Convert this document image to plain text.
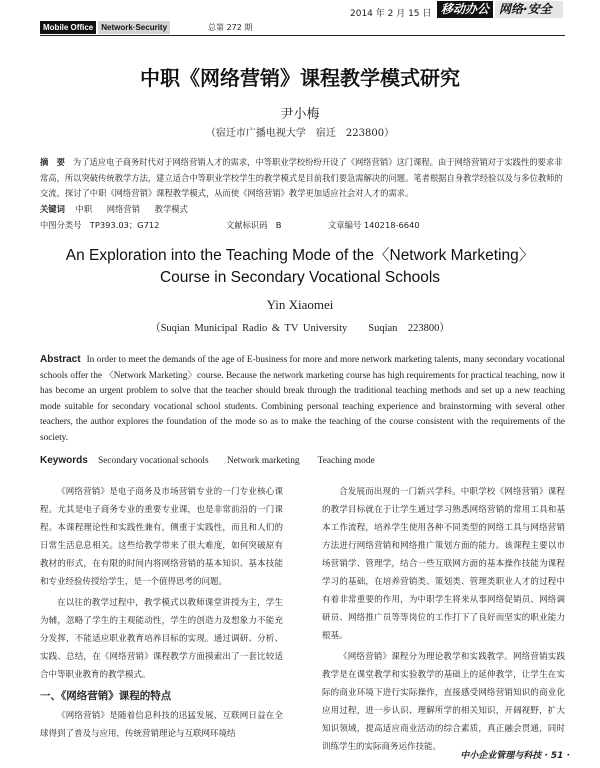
2014 年 2 月 15 日 移动办公 网络·安全
Mobile Office	Network·Security	总第 272 期
中职《网络营销》课程教学模式研究
尹小梅
（宿迁市广播电视大学　宿迁　223800）
摘　要 为了适应电子商务时代对于网络营销人才的需求，中等职业学校纷纷开设了《网络营销》这门课程。由于网络营销对于实践性的要求非常高，所以突破传统教学方法，建立适合中等职业学校学生的教学模式是目前我们要急需解决的问题。笔者根据自身教学经验以及与多位教师的交流，探讨了中职《网络营销》课程教学模式，从而使《网络营销》教学更加适应社会对人才的需求。
关键词 中职 网络营销 教学模式
中图分类号　TP393.03；G712	文献标识码　B	文章编号 140218-6640
An Exploration into the Teaching Mode of the〈Network Marketing〉
Course in Secondary Vocational Schools
Yin Xiaomei
（Suqian Municipal Radio & TV University　　Suqian　223800）
Abstract In order to meet the demands of the age of E-business for more and more network marketing talents, many secondary vocational schools offer the 〈Network Marketing〉course. Because the network marketing course has high requirements for practical teaching, now it has become an urgent problem to solve that the teacher should break through the traditional teaching methods and set up a new teaching mode suitable for secondary vocational school students. Combining personal teaching experience and brainstorming with several other teachers, the author explores the foundation of the mode so as to make the teaching of the course consistent with the requirements of the society.
Keywords Secondary vocational schools Network marketing Teaching mode

《网络营销》是电子商务及市场营销专业的一门专业核心课程。尤其是电子商务专业的重要专业课，也是非常前沿的一门课程。本课程理论性和实践性兼有，侧重于实践性，而且和人们的日常生活息息相关。这些给教学带来了很大难度，如何突破原有教材的形式，在有限的时间内将网络营销的基本知识、基本技能和专业经验传授给学生，是一个值得思考的问题。

在以往的教学过程中，教学模式以教师课堂讲授为主，学生为辅，忽略了学生的主观能动性，学生的创造力及想象力不能充分发挥，不能适应职业教育培养目标的实现。通过调研、分析、实践、总结，在《网络营销》课程教学方面摸索出了一套比较适合中等职业教育的教学模式。

一、《网络营销》课程的特点

《网络营销》是随着信息科技的迅猛发展、互联网日益在全球得到了普及与应用，传统营销理论与互联网环境结

合发展而出现的一门新兴学科。中职学校《网络营销》课程的教学目标就在于让学生通过学习熟悉网络营销的常用工具和基本工作流程，培养学生使用各种不同类型的网络工具与网络营销方法进行网络营销和网络推广策划方面的能力。该课程主要以市场营销学、管理学，结合一些互联网方面的基本操作技能为课程学习的基础，在培养营销类、策划类、管理类职业人才的过程中有着非常重要的作用，为中职学生将来从事网络促销员、网络调研员、网络推广员等等岗位的工作打下了良好而坚实的职业能力根基。

《网络营销》课程分为理论教学和实践教学。网络营销实践教学是在课堂教学和实验教学的基础上的延伸教学，让学生在实际的商业环境下进行实际操作，直接感受网络营销知识的商业化应用过程，进一步认识、理解所学的相关知识，开阔视野，扩大知识领域，提高适应商业活动的综合素质，真正融会贯通，同时训练学生的实际商务运作技能。

中小企业管理与科技 · 51 ·
